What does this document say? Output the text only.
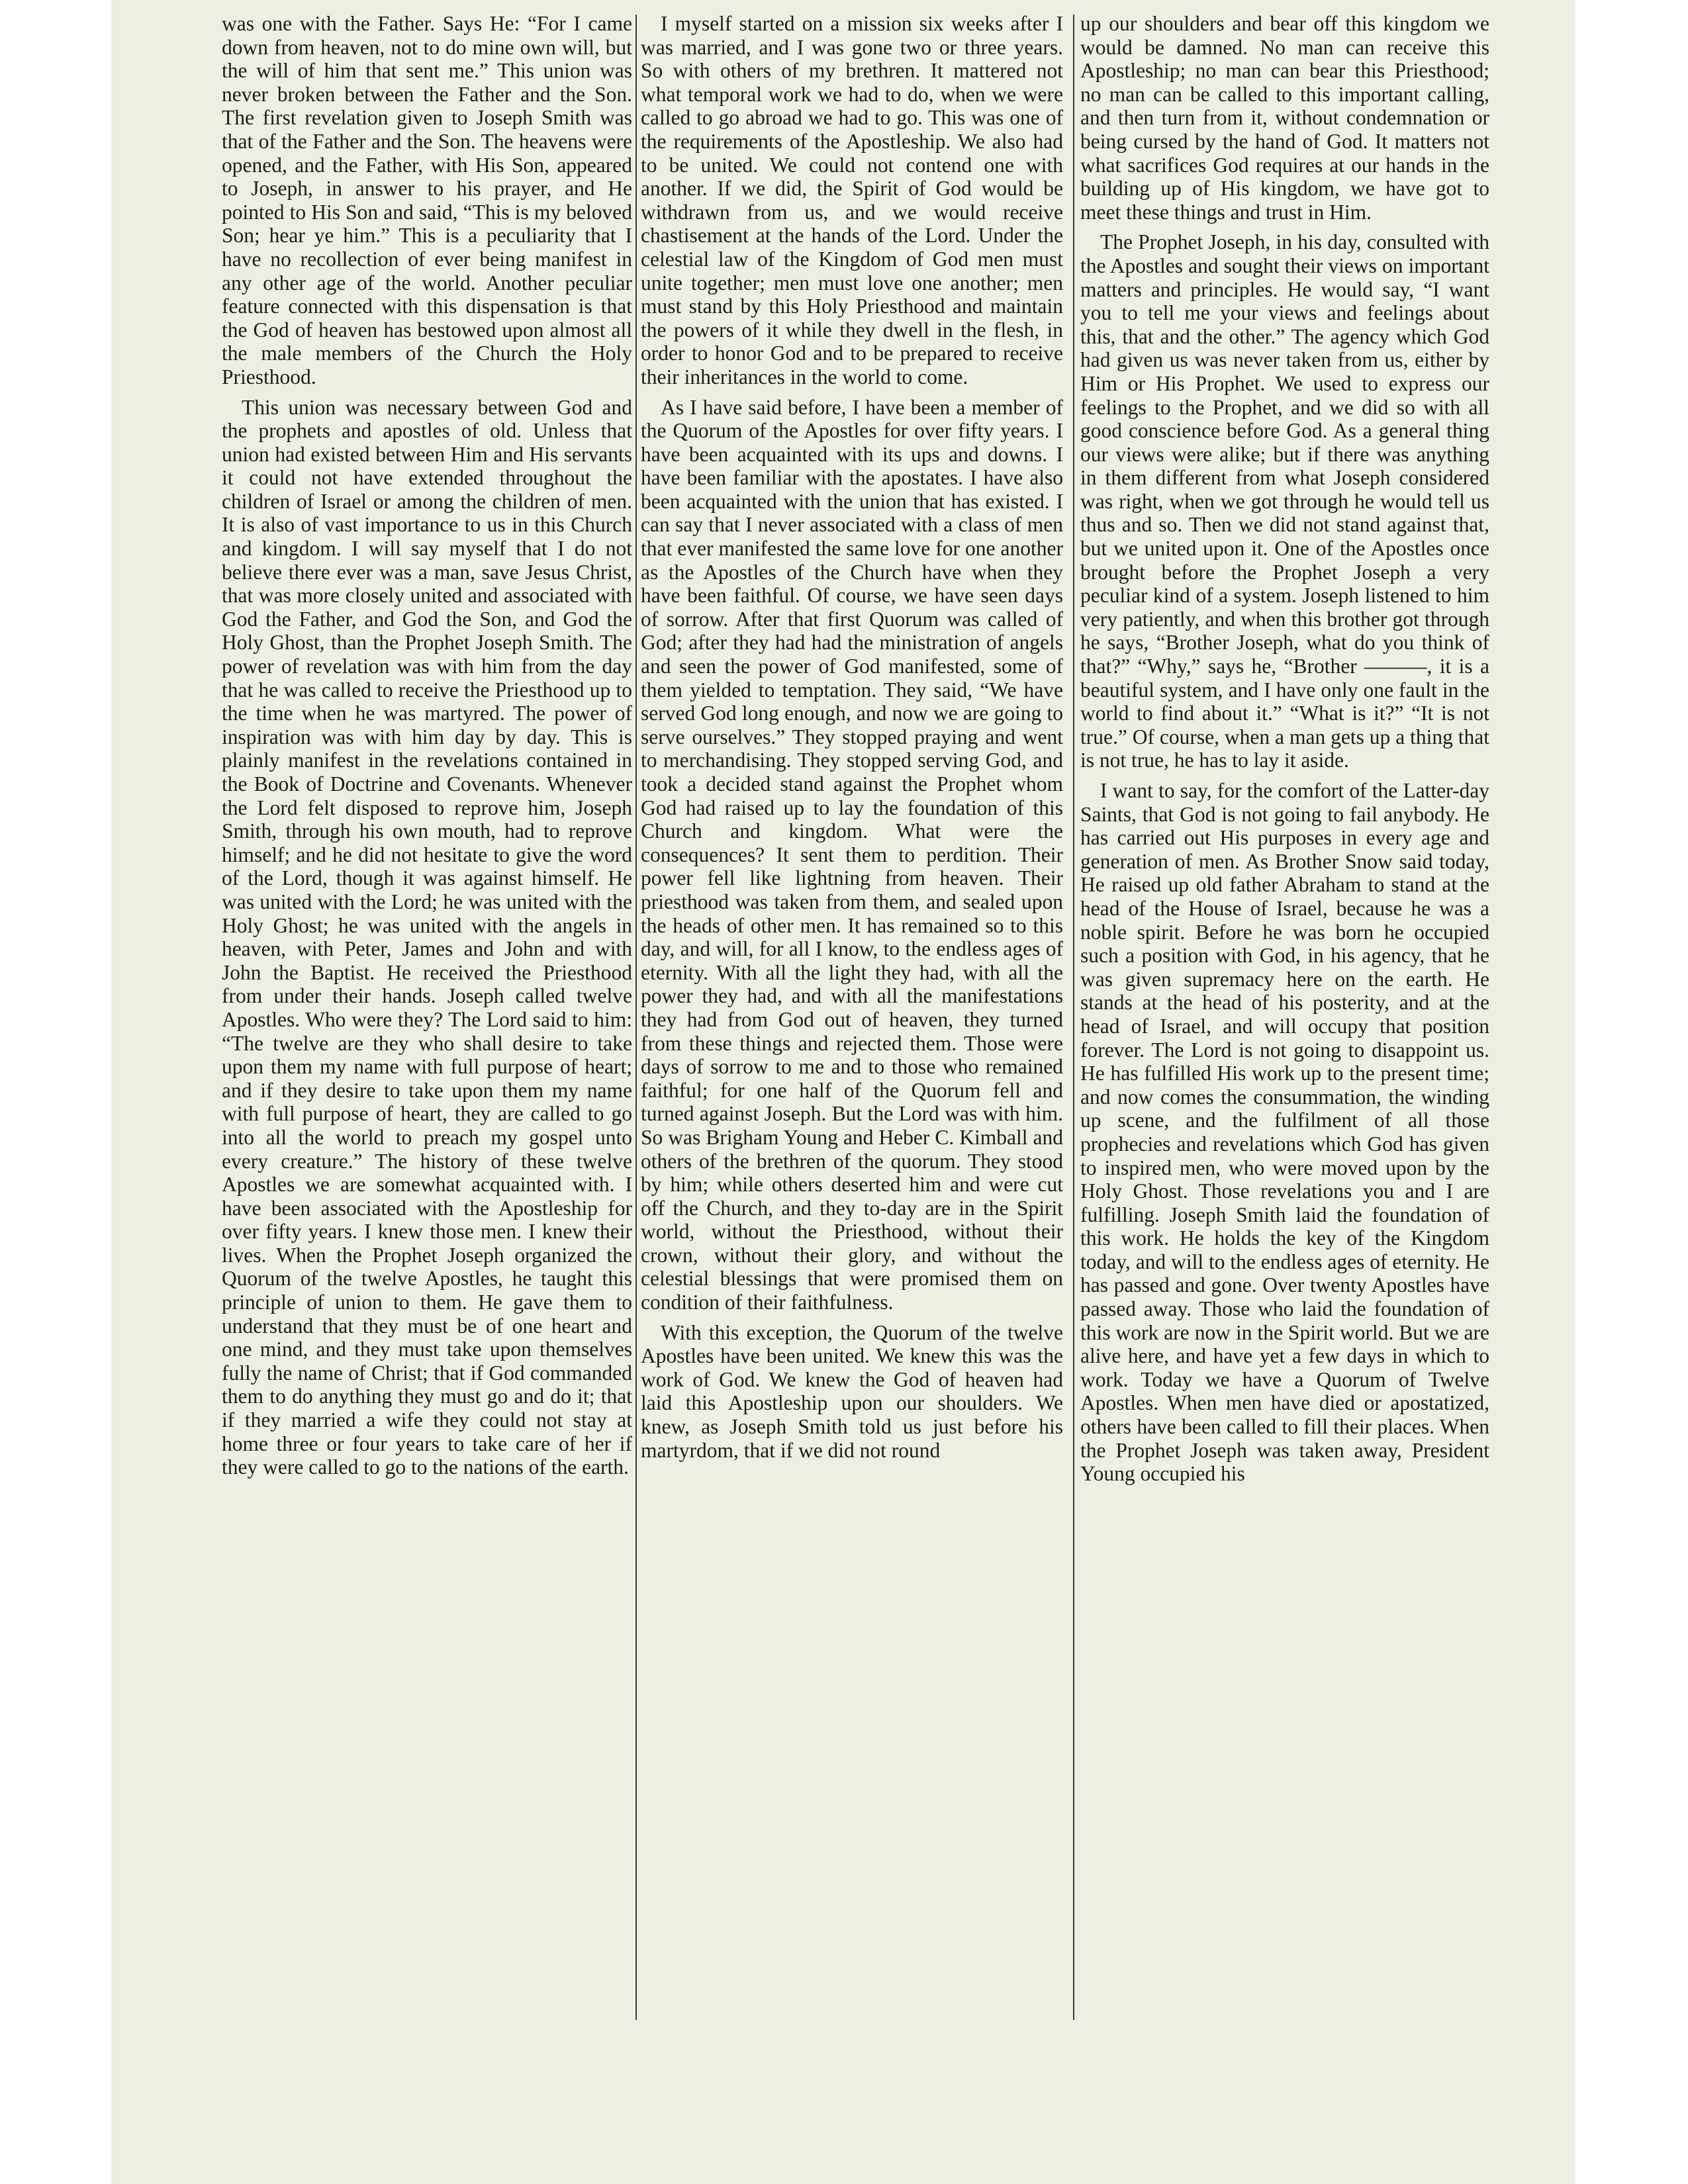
was one with the Father. Says He: “For I came down from heaven, not to do mine own will, but the will of him that sent me.” This union was never broken between the Father and the Son. The first revelation given to Joseph Smith was that of the Father and the Son. The heavens were opened, and the Father, with His Son, appeared to Joseph, in answer to his prayer, and He pointed to His Son and said, “This is my beloved Son; hear ye him.” This is a peculiarity that I have no recollection of ever being manifest in any other age of the world. Another peculiar feature connected with this dispensation is that the God of heaven has bestowed upon almost all the male members of the Church the Holy Priesthood.

This union was necessary between God and the prophets and apostles of old. Unless that union had existed between Him and His servants it could not have extended throughout the children of Israel or among the children of men. It is also of vast importance to us in this Church and kingdom. I will say myself that I do not believe there ever was a man, save Jesus Christ, that was more closely united and associated with God the Father, and God the Son, and God the Holy Ghost, than the Prophet Joseph Smith. The power of revelation was with him from the day that he was called to receive the Priesthood up to the time when he was martyred. The power of inspiration was with him day by day. This is plainly manifest in the revelations contained in the Book of Doctrine and Covenants. Whenever the Lord felt disposed to reprove him, Joseph Smith, through his own mouth, had to reprove himself; and he did not hesitate to give the word of the Lord, though it was against himself. He was united with the Lord; he was united with the Holy Ghost; he was united with the angels in heaven, with Peter, James and John and with John the Baptist. He received the Priesthood from under their hands. Joseph called twelve Apostles. Who were they? The Lord said to him: “The twelve are they who shall desire to take upon them my name with full purpose of heart; and if they desire to take upon them my name with full purpose of heart, they are called to go into all the world to preach my gospel unto every creature.” The history of these twelve Apostles we are somewhat acquainted with. I have been associated with the Apostleship for over fifty years. I knew those men. I knew their lives. When the Prophet Joseph organized the Quorum of the twelve Apostles, he taught this principle of union to them. He gave them to understand that they must be of one heart and one mind, and they must take upon themselves fully the name of Christ; that if God commanded them to do anything they must go and do it; that if they married a wife they could not stay at home three or four years to take care of her if they were called to go to the nations of the earth.

I myself started on a mission six weeks after I was married, and I was gone two or three years. So with others of my brethren. It mattered not what temporal work we had to do, when we were called to go abroad we had to go. This was one of the requirements of the Apostleship. We also had to be united. We could not contend one with another. If we did, the Spirit of God would be withdrawn from us, and we would receive chastisement at the hands of the Lord. Under the celestial law of the Kingdom of God men must unite together; men must love one another; men must stand by this Holy Priesthood and maintain the powers of it while they dwell in the flesh, in order to honor God and to be prepared to receive their inheritances in the world to come.

As I have said before, I have been a member of the Quorum of the Apostles for over fifty years. I have been acquainted with its ups and downs. I have been familiar with the apostates. I have also been acquainted with the union that has existed. I can say that I never associated with a class of men that ever manifested the same love for one another as the Apostles of the Church have when they have been faithful. Of course, we have seen days of sorrow. After that first Quorum was called of God; after they had had the ministration of angels and seen the power of God manifested, some of them yielded to temptation. They said, “We have served God long enough, and now we are going to serve ourselves.” They stopped praying and went to merchandising. They stopped serving God, and took a decided stand against the Prophet whom God had raised up to lay the foundation of this Church and kingdom. What were the consequences? It sent them to perdition. Their power fell like lightning from heaven. Their priesthood was taken from them, and sealed upon the heads of other men. It has remained so to this day, and will, for all I know, to the endless ages of eternity. With all the light they had, with all the power they had, and with all the manifestations they had from God out of heaven, they turned from these things and rejected them. Those were days of sorrow to me and to those who remained faithful; for one half of the Quorum fell and turned against Joseph. But the Lord was with him. So was Brigham Young and Heber C. Kimball and others of the brethren of the quorum. They stood by him; while others deserted him and were cut off the Church, and they to-day are in the Spirit world, without the Priesthood, without their crown, without their glory, and without the celestial blessings that were promised them on condition of their faithfulness.

With this exception, the Quorum of the twelve Apostles have been united. We knew this was the work of God. We knew the God of heaven had laid this Apostleship upon our shoulders. We knew, as Joseph Smith told us just before his martyrdom, that if we did not round

up our shoulders and bear off this kingdom we would be damned. No man can receive this Apostleship; no man can bear this Priesthood; no man can be called to this important calling, and then turn from it, without condemnation or being cursed by the hand of God. It matters not what sacrifices God requires at our hands in the building up of His kingdom, we have got to meet these things and trust in Him.

The Prophet Joseph, in his day, consulted with the Apostles and sought their views on important matters and principles. He would say, “I want you to tell me your views and feelings about this, that and the other.” The agency which God had given us was never taken from us, either by Him or His Prophet. We used to express our feelings to the Prophet, and we did so with all good conscience before God. As a general thing our views were alike; but if there was anything in them different from what Joseph considered was right, when we got through he would tell us thus and so. Then we did not stand against that, but we united upon it. One of the Apostles once brought before the Prophet Joseph a very peculiar kind of a system. Joseph listened to him very patiently, and when this brother got through he says, “Brother Joseph, what do you think of that?” “Why,” says he, “Brother ———, it is a beautiful system, and I have only one fault in the world to find about it.” “What is it?” “It is not true.” Of course, when a man gets up a thing that is not true, he has to lay it aside.

I want to say, for the comfort of the Latter-day Saints, that God is not going to fail anybody. He has carried out His purposes in every age and generation of men. As Brother Snow said today, He raised up old father Abraham to stand at the head of the House of Israel, because he was a noble spirit. Before he was born he occupied such a position with God, in his agency, that he was given supremacy here on the earth. He stands at the head of his posterity, and at the head of Israel, and will occupy that position forever. The Lord is not going to disappoint us. He has fulfilled His work up to the present time; and now comes the consummation, the winding up scene, and the fulfilment of all those prophecies and revelations which God has given to inspired men, who were moved upon by the Holy Ghost. Those revelations you and I are fulfilling. Joseph Smith laid the foundation of this work. He holds the key of the Kingdom today, and will to the endless ages of eternity. He has passed and gone. Over twenty Apostles have passed away. Those who laid the foundation of this work are now in the Spirit world. But we are alive here, and have yet a few days in which to work. Today we have a Quorum of Twelve Apostles. When men have died or apostatized, others have been called to fill their places. When the Prophet Joseph was taken away, President Young occupied his
